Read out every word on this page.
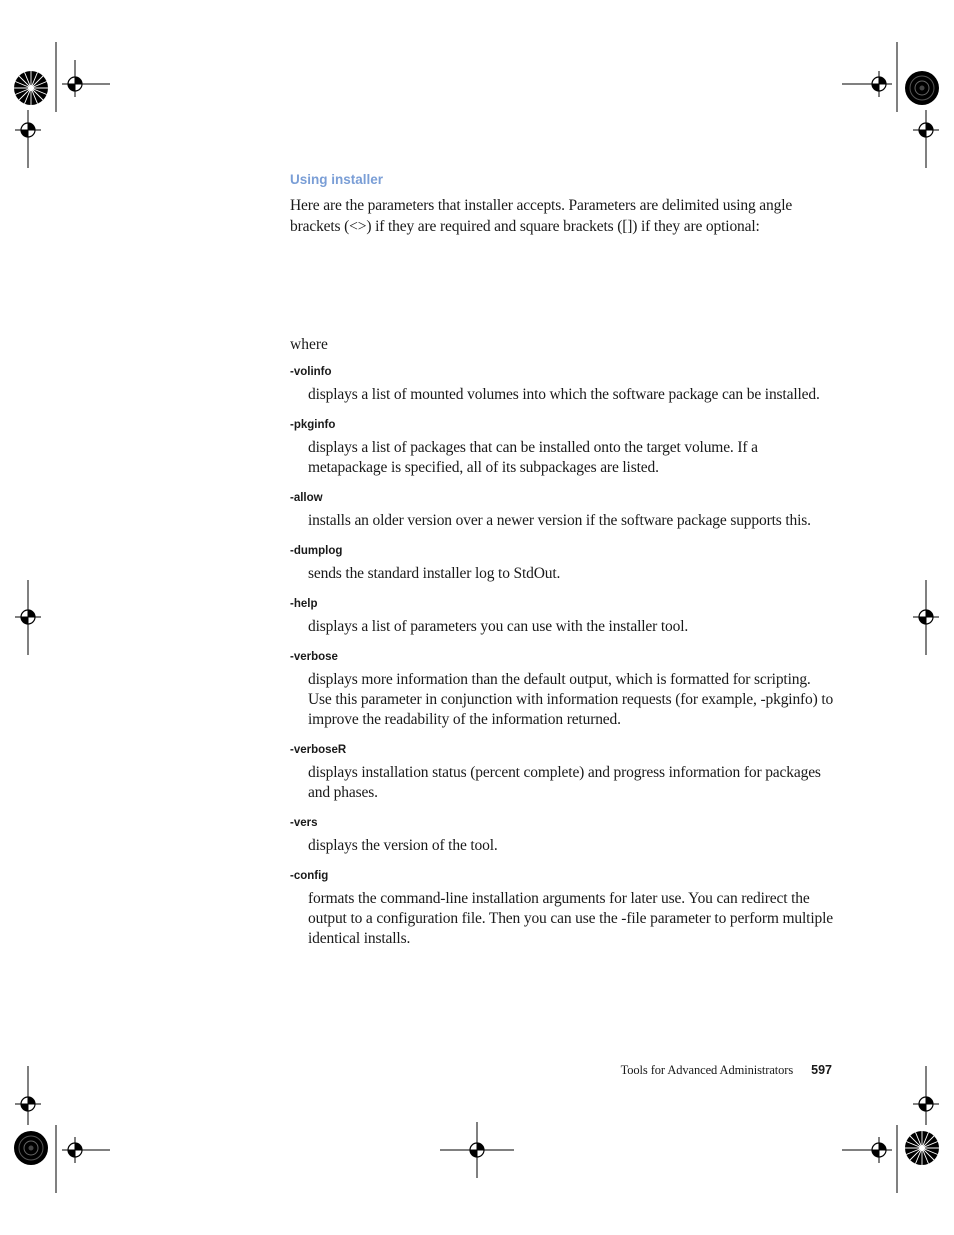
Using installer

Here are the parameters that installer accepts. Parameters are delimited using angle brackets (<>) if they are required and square brackets ([]) if they are optional:

where

-volinfo

displays a list of mounted volumes into which the software package can be installed.

-pkginfo

displays a list of packages that can be installed onto the target volume. If a metapackage is specified, all of its subpackages are listed.

-allow

installs an older version over a newer version if the software package supports this.

-dumplog

sends the standard installer log to StdOut.

-help

displays a list of parameters you can use with the installer tool.

-verbose

displays more information than the default output, which is formatted for scripting. Use this parameter in conjunction with information requests (for example, -pkginfo) to improve the readability of the information returned.

-verboseR

displays installation status (percent complete) and progress information for packages and phases.

-vers

displays the version of the tool.

-config

formats the command-line installation arguments for later use. You can redirect the output to a configuration file. Then you can use the -file parameter to perform multiple identical installs.

Tools for Advanced Administrators 597
